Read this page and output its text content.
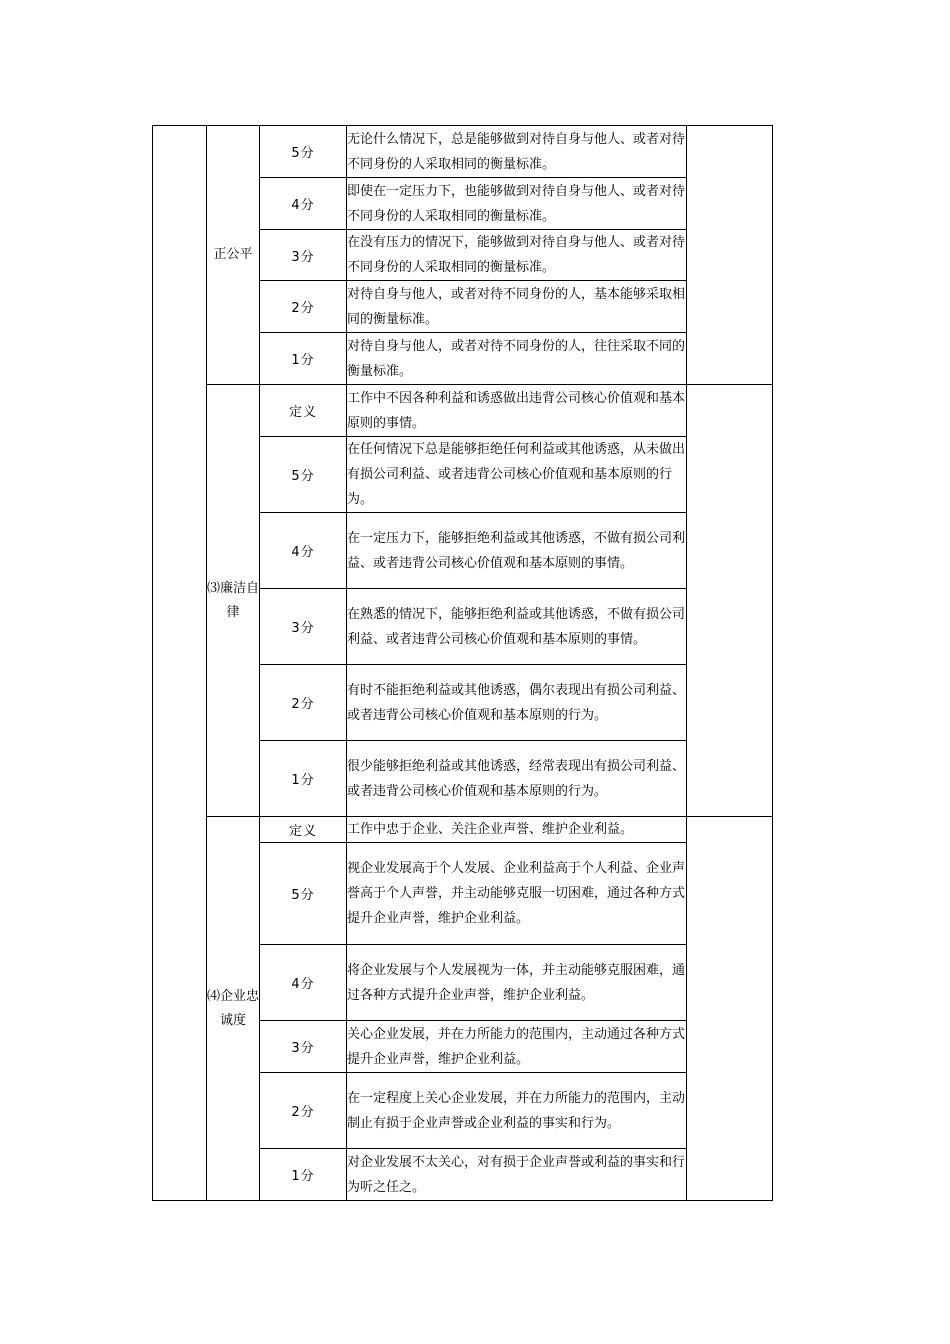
	正公平	5分	无论什么情况下，总是能够做到对待自身与他人、或者对待不同身份的人采取相同的衡量标准。	
		4分	即使在一定压力下，也能够做到对待自身与他人、或者对待不同身份的人采取相同的衡量标准。	
		3分	在没有压力的情况下，能够做到对待自身与他人、或者对待不同身份的人采取相同的衡量标准。	
		2分	对待自身与他人，或者对待不同身份的人，基本能够采取相同的衡量标准。	
		1分	对待自身与他人，或者对待不同身份的人，往往采取不同的衡量标准。	
	⑶廉洁自律	定义	工作中不因各种利益和诱惑做出违背公司核心价值观和基本原则的事情。	
		5分	在任何情况下总是能够拒绝任何利益或其他诱惑，从未做出有损公司利益、或者违背公司核心价值观和基本原则的行为。	
		4分	在一定压力下，能够拒绝利益或其他诱惑，不做有损公司利益、或者违背公司核心价值观和基本原则的事情。	
		3分	在熟悉的情况下，能够拒绝利益或其他诱惑，不做有损公司利益、或者违背公司核心价值观和基本原则的事情。	
		2分	有时不能拒绝利益或其他诱惑，偶尔表现出有损公司利益、或者违背公司核心价值观和基本原则的行为。	
		1分	很少能够拒绝利益或其他诱惑，经常表现出有损公司利益、或者违背公司核心价值观和基本原则的行为。	
	⑷企业忠诚度	定义	工作中忠于企业、关注企业声誉、维护企业利益。	
		5分	视企业发展高于个人发展、企业利益高于个人利益、企业声誉高于个人声誉，并主动能够克服一切困难，通过各种方式提升企业声誉，维护企业利益。	
		4分	将企业发展与个人发展视为一体，并主动能够克服困难，通过各种方式提升企业声誉，维护企业利益。	
		3分	关心企业发展，并在力所能力的范围内，主动通过各种方式提升企业声誉，维护企业利益。	
		2分	在一定程度上关心企业发展，并在力所能力的范围内，主动制止有损于企业声誉或企业利益的事实和行为。	
		1分	对企业发展不太关心，对有损于企业声誉或利益的事实和行为听之任之。	
